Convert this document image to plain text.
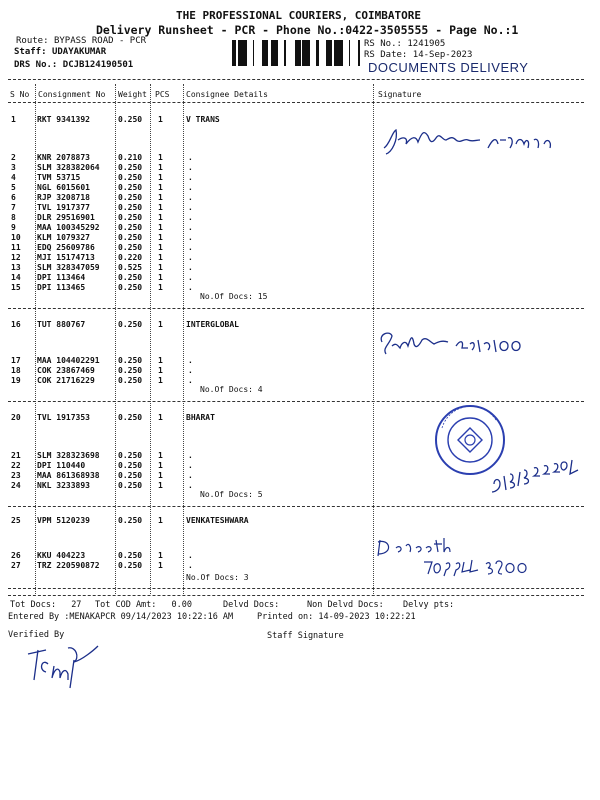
THE PROFESSIONAL COURIERS, COIMBATORE
Delivery Runsheet - PCR - Phone No.:0422-3505555 - Page No.:1
Route: BYPASS ROAD - PCR
Staff: UDAYAKUMAR
DRS No.: DCJB124190501
RS No.: 1241905
RS Date: 14-Sep-2023
DOCUMENTS DELIVERY
S No Consignment No Weight PCS Consignee Details	Signature
1	RKT 9341392	0.250 1	V TRANS
2	KNR 2078873	0.210 1	.
3	SLM 328382064 0.250 1	.
4	TVM 53715	0.250 1	.
5	NGL 6015601	0.250 1	.
6	RJP 3208718	0.250 1	.
7	TVL 1917377	0.250 1	.
8	DLR 29516901	0.250 1	.
9	MAA 100345292 0.250 1	.
10 KLM 1079327	0.250 1	.
11 EDQ 25609786	0.250 1	.
12 MJI 15174713	0.220 1	.
13 SLM 328347059 0.525 1	.
14 DPI 113464	0.250 1	.
15 DPI 113465	0.250 1	.
No.Of Docs: 15
16 TUT 880767	0.250 1	INTERGLOBAL
17 MAA 104402291 0.250 1	.
18 COK 23867469	0.250 1	.
19 COK 21716229	0.250 1	.
No.Of Docs: 4
20 TVL 1917353	0.250 1	BHARAT
21 SLM 328323698 0.250 1	.
22 DPI 110440	0.250 1	.
23 MAA 861368938 0.250 1	.
24 NKL 3233893	0.250 1	.
No.Of Docs: 5
25 VPM 5120239	0.250 1	VENKATESHWARA
26 KKU 404223	0.250 1	.
27 TRZ 220590872 0.250 1	.
No.Of Docs: 3
Tot Docs: 27 Tot COD Amt: 0.00	Delvd Docs:	Non Delvd Docs: Delvy pts:
Entered By :MENAKAPCR 09/14/2023 10:22:16 AM	Printed on: 14-09-2023 10:22:21
Verified By	Staff Signature
